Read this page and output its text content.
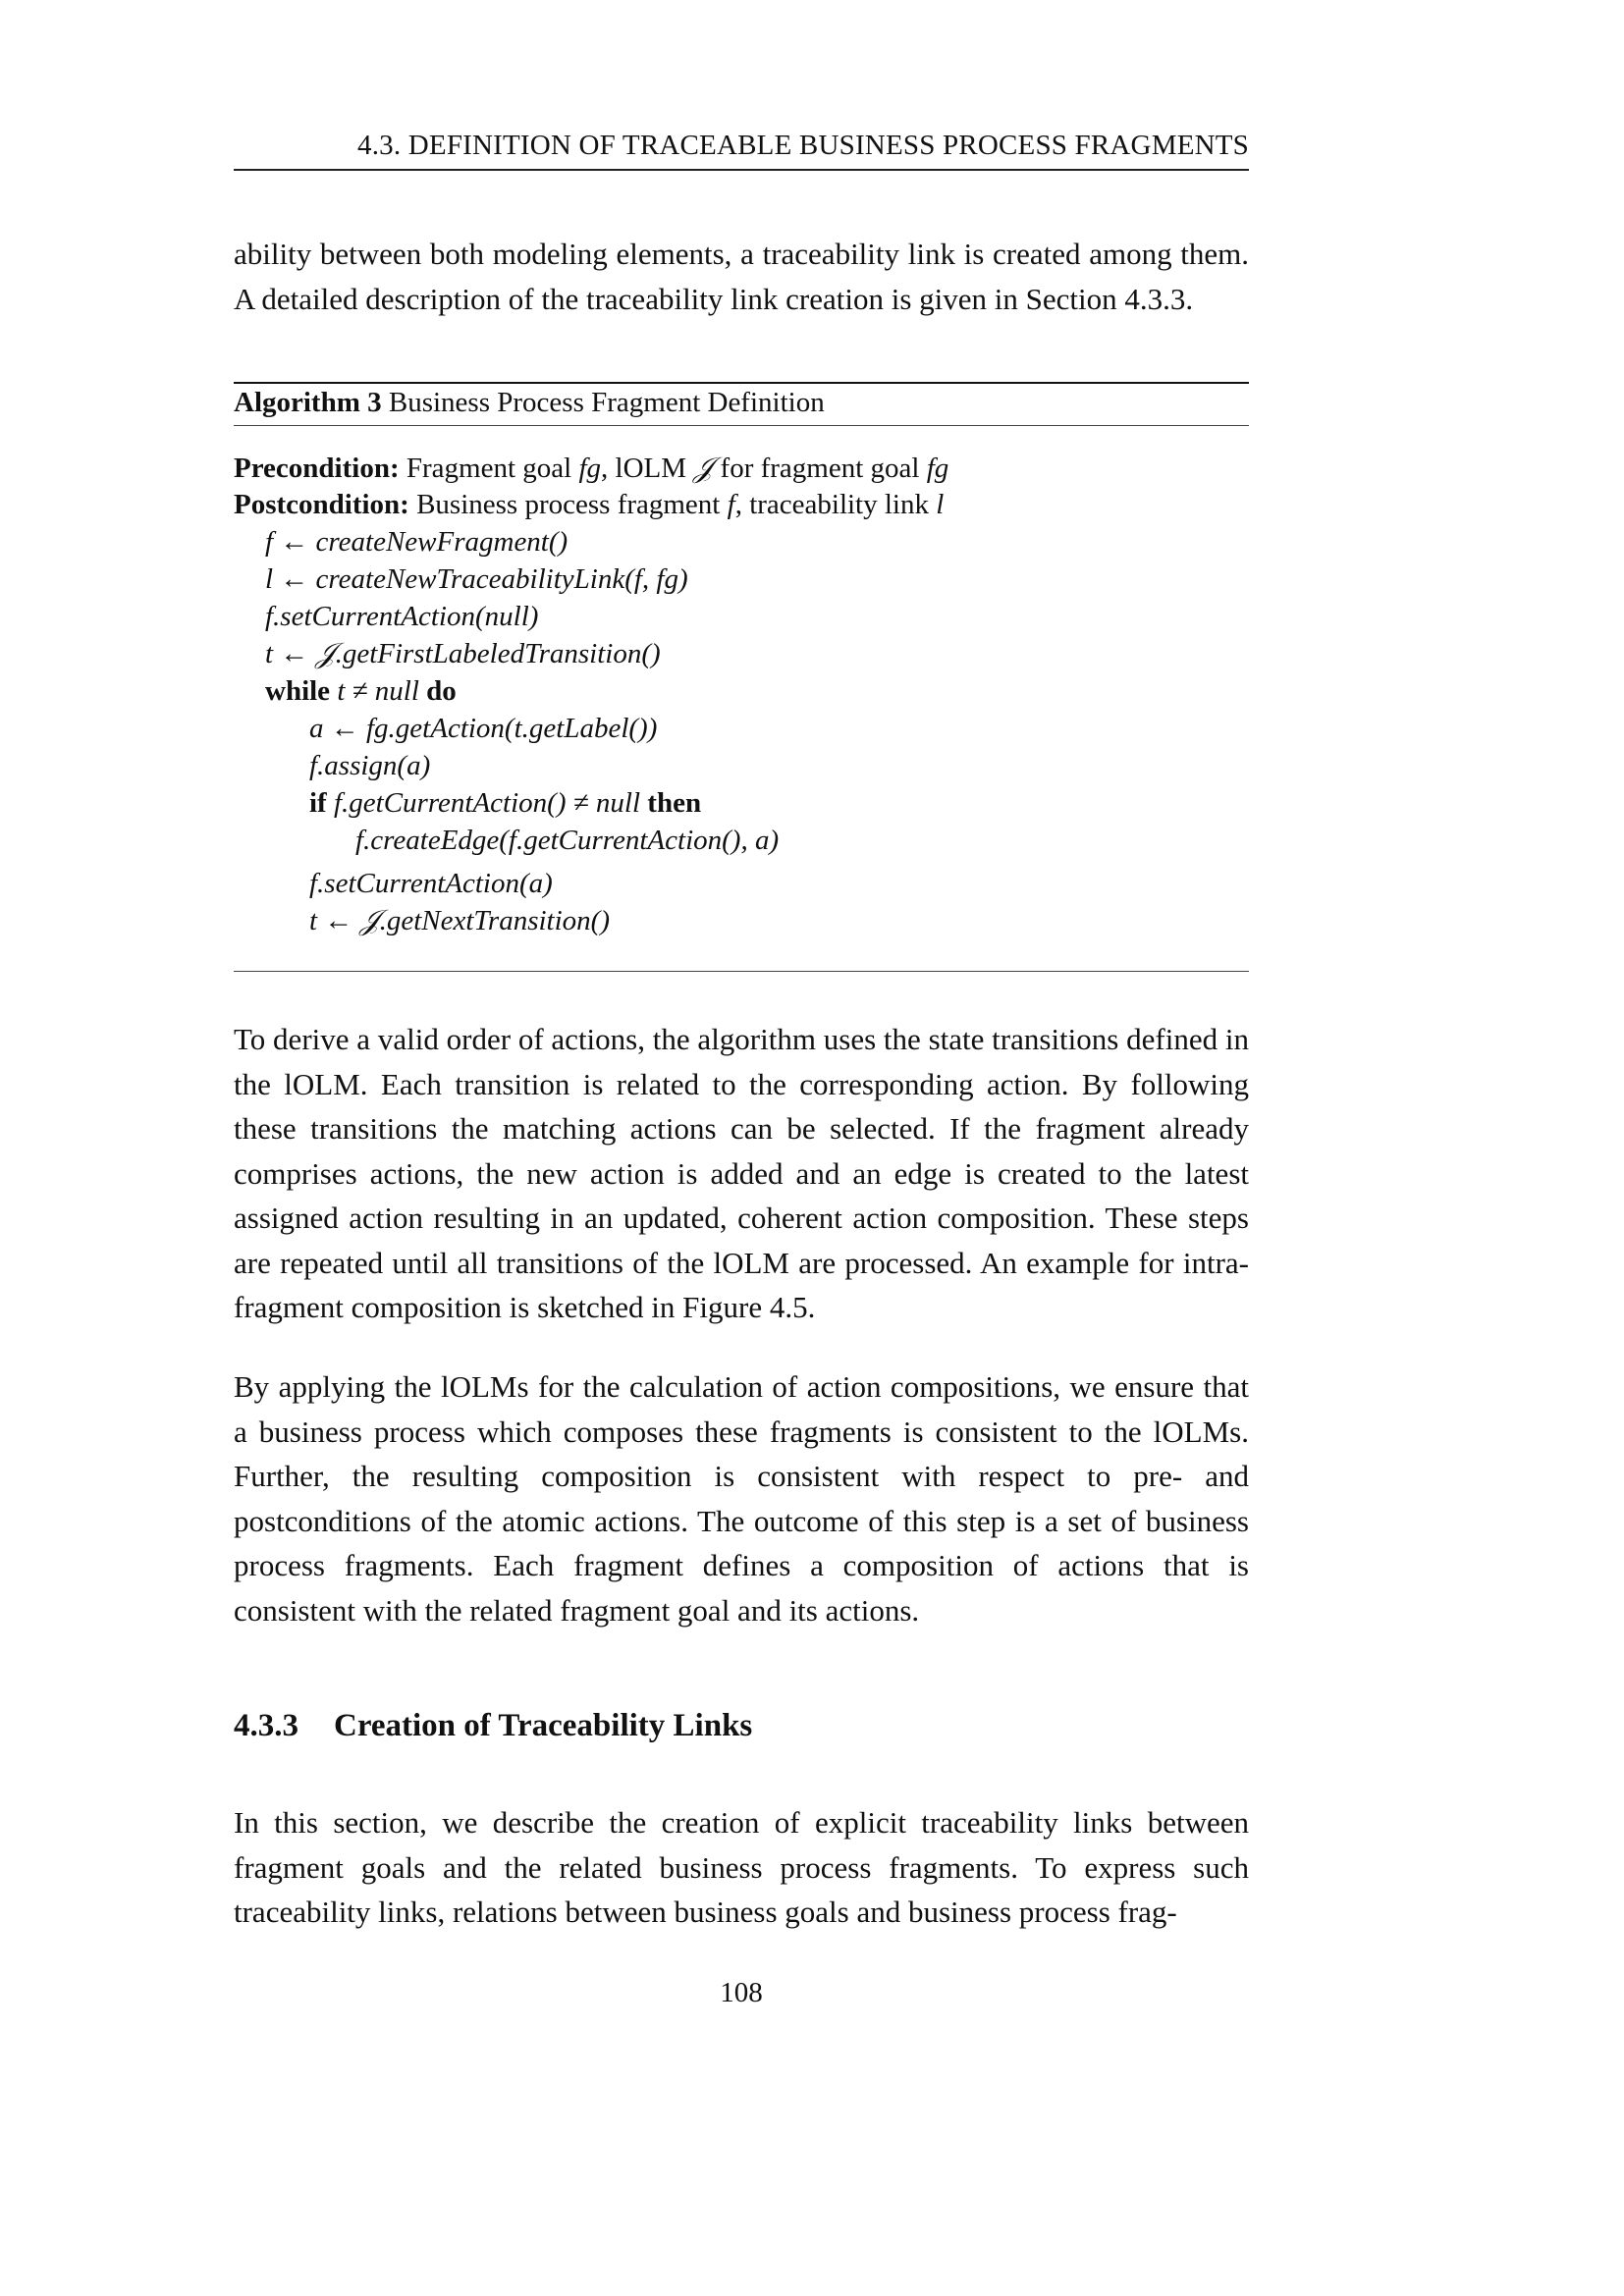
4.3. DEFINITION OF TRACEABLE BUSINESS PROCESS FRAGMENTS

ability between both modeling elements, a traceability link is created among them. A detailed description of the traceability link creation is given in Section 4.3.3.

Algorithm 3 Business Process Fragment Definition
Precondition: Fragment goal fg, lOLM 𝒥 for fragment goal fg
Postcondition: Business process fragment f, traceability link l
f ← createNewFragment()
l ← createNewTraceabilityLink(f, fg)
f.setCurrentAction(null)
t ← 𝒥.getFirstLabeledTransition()
while t ≠ null do
a ← fg.getAction(t.getLabel())
f.assign(a)
if f.getCurrentAction() ≠ null then
f.createEdge(f.getCurrentAction(), a)
f.setCurrentAction(a)
t ← 𝒥.getNextTransition()

To derive a valid order of actions, the algorithm uses the state transitions defined in the lOLM. Each transition is related to the corresponding action. By following these transitions the matching actions can be selected. If the fragment already comprises actions, the new action is added and an edge is created to the latest assigned action resulting in an updated, coherent action composition. These steps are repeated until all transitions of the lOLM are processed. An example for intra-fragment composition is sketched in Figure 4.5.

By applying the lOLMs for the calculation of action compositions, we ensure that a business process which composes these fragments is consistent to the lOLMs. Further, the resulting composition is consistent with respect to pre- and postconditions of the atomic actions. The outcome of this step is a set of business process fragments. Each fragment defines a composition of actions that is consistent with the related fragment goal and its actions.

4.3.3 Creation of Traceability Links

In this section, we describe the creation of explicit traceability links between fragment goals and the related business process fragments. To express such traceability links, relations between business goals and business process frag-

108
